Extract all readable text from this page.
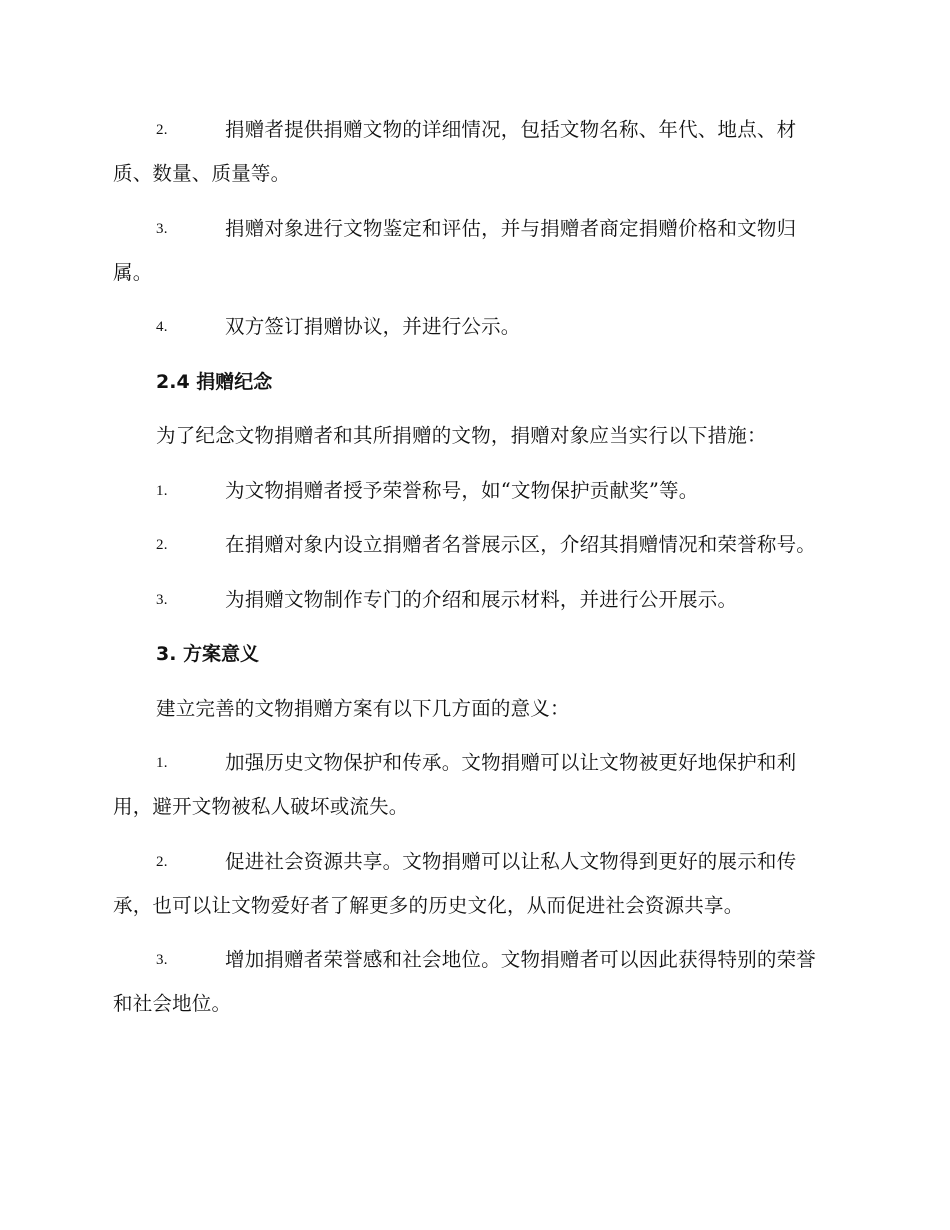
2.	捐赠者提供捐赠文物的详细情况，包括文物名称、年代、地点、材质、数量、质量等。

3.	捐赠对象进行文物鉴定和评估，并与捐赠者商定捐赠价格和文物归属。

4.	双方签订捐赠协议，并进行公示。

2.4 捐赠纪念

为了纪念文物捐赠者和其所捐赠的文物，捐赠对象应当实行以下措施：

1.	为文物捐赠者授予荣誉称号，如“文物保护贡献奖”等。

2.	在捐赠对象内设立捐赠者名誉展示区，介绍其捐赠情况和荣誉称号。

3.	为捐赠文物制作专门的介绍和展示材料，并进行公开展示。

3. 方案意义

建立完善的文物捐赠方案有以下几方面的意义：

1.	加强历史文物保护和传承。文物捐赠可以让文物被更好地保护和利用，避开文物被私人破坏或流失。

2.	促进社会资源共享。文物捐赠可以让私人文物得到更好的展示和传承，也可以让文物爱好者了解更多的历史文化，从而促进社会资源共享。

3.	增加捐赠者荣誉感和社会地位。文物捐赠者可以因此获得特别的荣誉和社会地位。
